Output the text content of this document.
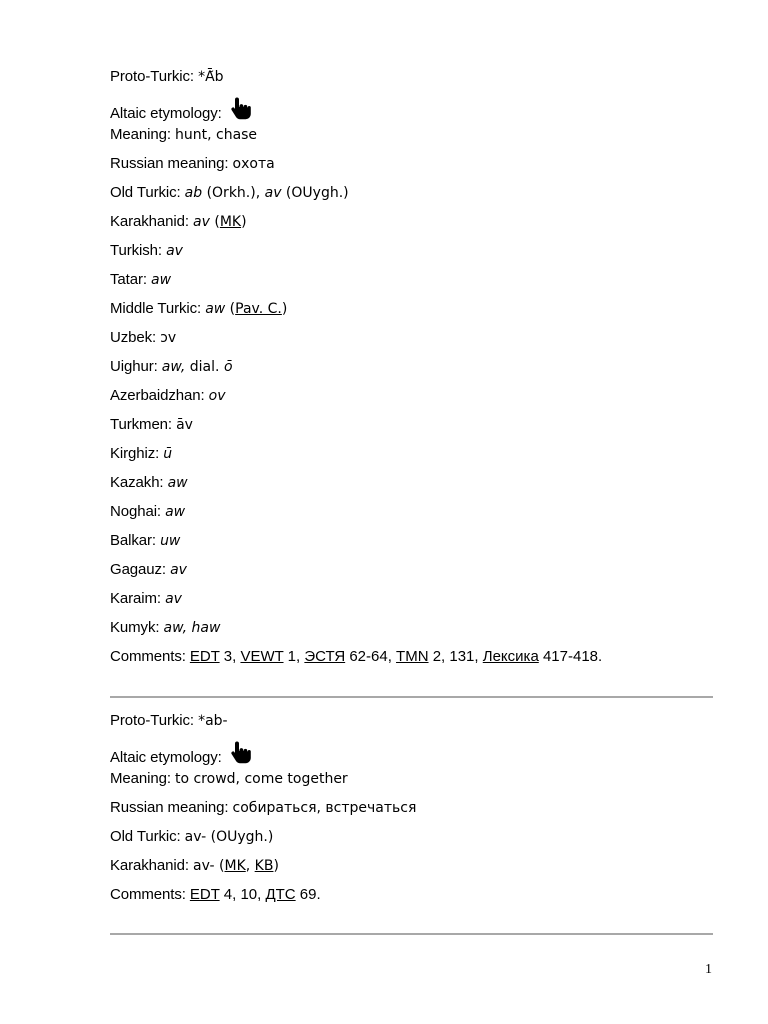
Proto-Turkic: *Ā̆b
Altaic etymology:
Meaning: hunt, chase
Russian meaning: охота
Old Turkic: ab (Orkh.), av (OUygh.)
Karakhanid: av (MK)
Turkish: av
Tatar: aw
Middle Turkic: aw (Pav. C.)
Uzbek: ɔv
Uighur: aw, dial. ō
Azerbaidzhan: ov
Turkmen: āv
Kirghiz: ū
Kazakh: aw
Noghai: aw
Balkar: uw
Gagauz: av
Karaim: av
Kumyk: aw, haw
Comments: EDT 3, VEWT 1, ЭСТЯ 62-64, TMN 2, 131, Лексика 417-418.
Proto-Turkic: *ab-
Altaic etymology:
Meaning: to crowd, come together
Russian meaning: собираться, встречаться
Old Turkic: av- (OUygh.)
Karakhanid: av- (MK, KB)
Comments: EDT 4, 10, ДТС 69.
1
